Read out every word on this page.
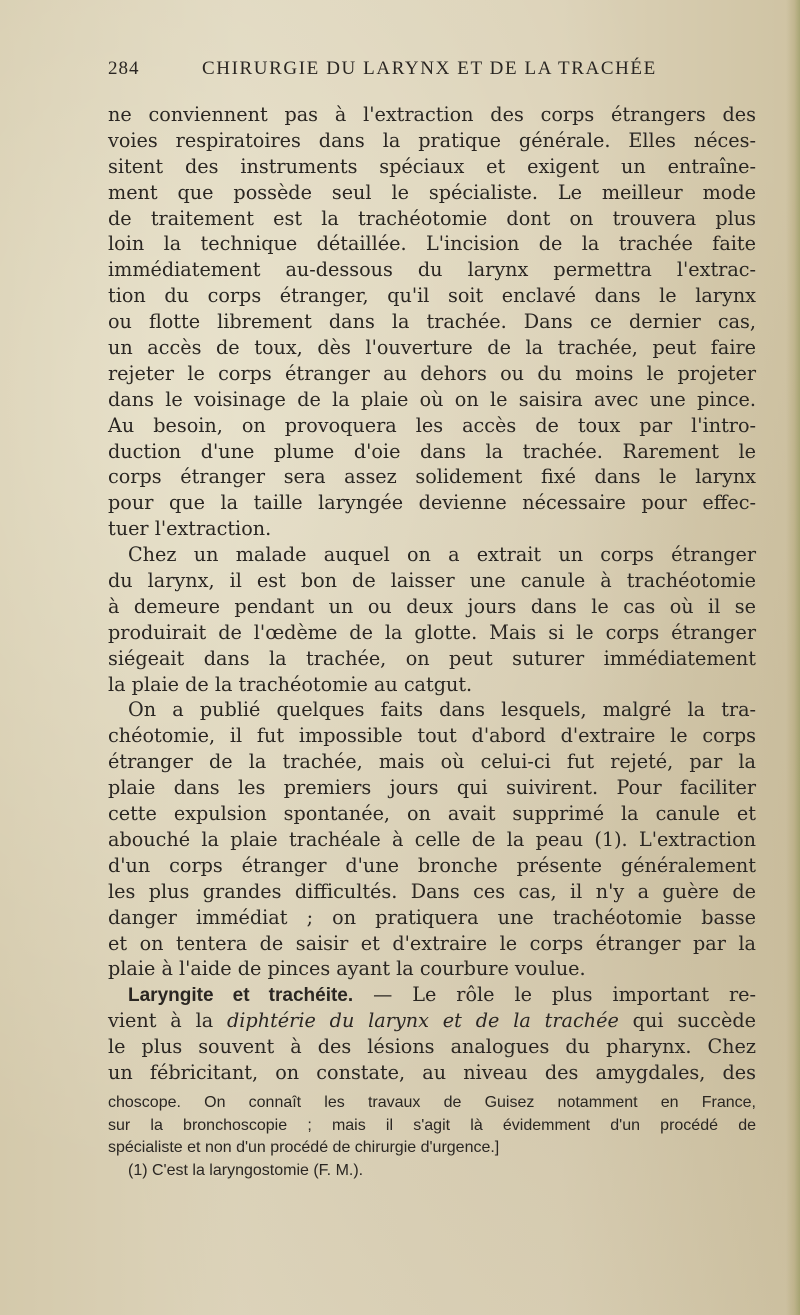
284	CHIRURGIE DU LARYNX ET DE LA TRACHÉE
ne conviennent pas à l'extraction des corps étrangers des
voies respiratoires dans la pratique générale. Elles néces-
sitent des instruments spéciaux et exigent un entraîne-
ment que possède seul le spécialiste. Le meilleur mode
de traitement est la trachéotomie dont on trouvera plus
loin la technique détaillée. L'incision de la trachée faite
immédiatement au-dessous du larynx permettra l'extrac-
tion du corps étranger, qu'il soit enclavé dans le larynx
ou flotte librement dans la trachée. Dans ce dernier cas,
un accès de toux, dès l'ouverture de la trachée, peut faire
rejeter le corps étranger au dehors ou du moins le projeter
dans le voisinage de la plaie où on le saisira avec une pince.
Au besoin, on provoquera les accès de toux par l'intro-
duction d'une plume d'oie dans la trachée. Rarement le
corps étranger sera assez solidement fixé dans le larynx
pour que la taille laryngée devienne nécessaire pour effec-
tuer l'extraction.
Chez un malade auquel on a extrait un corps étranger
du larynx, il est bon de laisser une canule à trachéotomie
à demeure pendant un ou deux jours dans le cas où il se
produirait de l'œdème de la glotte. Mais si le corps étranger
siégeait dans la trachée, on peut suturer immédiatement
la plaie de la trachéotomie au catgut.
On a publié quelques faits dans lesquels, malgré la tra-
chéotomie, il fut impossible tout d'abord d'extraire le corps
étranger de la trachée, mais où celui-ci fut rejeté, par la
plaie dans les premiers jours qui suivirent. Pour faciliter
cette expulsion spontanée, on avait supprimé la canule et
abouché la plaie trachéale à celle de la peau (1). L'extraction
d'un corps étranger d'une bronche présente généralement
les plus grandes difficultés. Dans ces cas, il n'y a guère de
danger immédiat ; on pratiquera une trachéotomie basse
et on tentera de saisir et d'extraire le corps étranger par la
plaie à l'aide de pinces ayant la courbure voulue.
Laryngite et trachéite. — Le rôle le plus important re-
vient à la diphtérie du larynx et de la trachée qui succède
le plus souvent à des lésions analogues du pharynx. Chez
un fébricitant, on constate, au niveau des amygdales, des
choscope. On connaît les travaux de Guisez notamment en France,
sur la bronchoscopie ; mais il s'agit là évidemment d'un procédé de
spécialiste et non d'un procédé de chirurgie d'urgence.]
(1) C'est la laryngostomie (F. M.).
